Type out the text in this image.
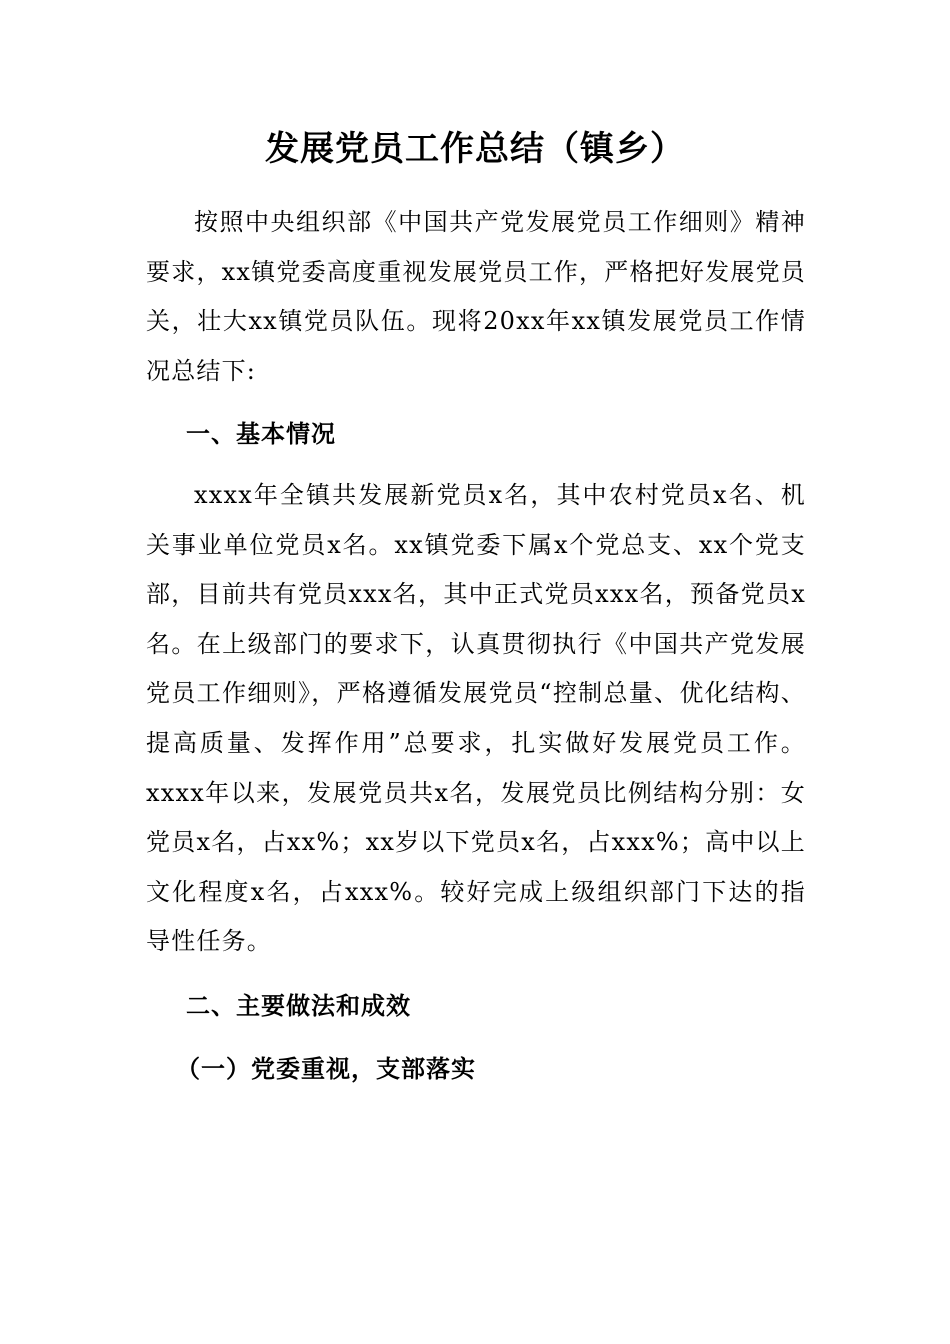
发展党员工作总结（镇乡）
按照中央组织部《中国共产党发展党员工作细则》精神要求，xx镇党委高度重视发展党员工作，严格把好发展党员关，壮大xx镇党员队伍。现将20xx年xx镇发展党员工作情况总结下:
一、基本情况
xxxx年全镇共发展新党员x名，其中农村党员x名、机关事业单位党员x名。xx镇党委下属x个党总支、xx个党支部，目前共有党员xxx名，其中正式党员xxx名，预备党员x名。在上级部门的要求下，认真贯彻执行《中国共产党发展党员工作细则》，严格遵循发展党员“控制总量、优化结构、提高质量、发挥作用”总要求，扎实做好发展党员工作。xxxx年以来，发展党员共x名，发展党员比例结构分别：女党员x名，占xx%；xx岁以下党员x名，占xxx%；高中以上文化程度x名，占xxx%。较好完成上级组织部门下达的指导性任务。
二、主要做法和成效
（一）党委重视，支部落实
